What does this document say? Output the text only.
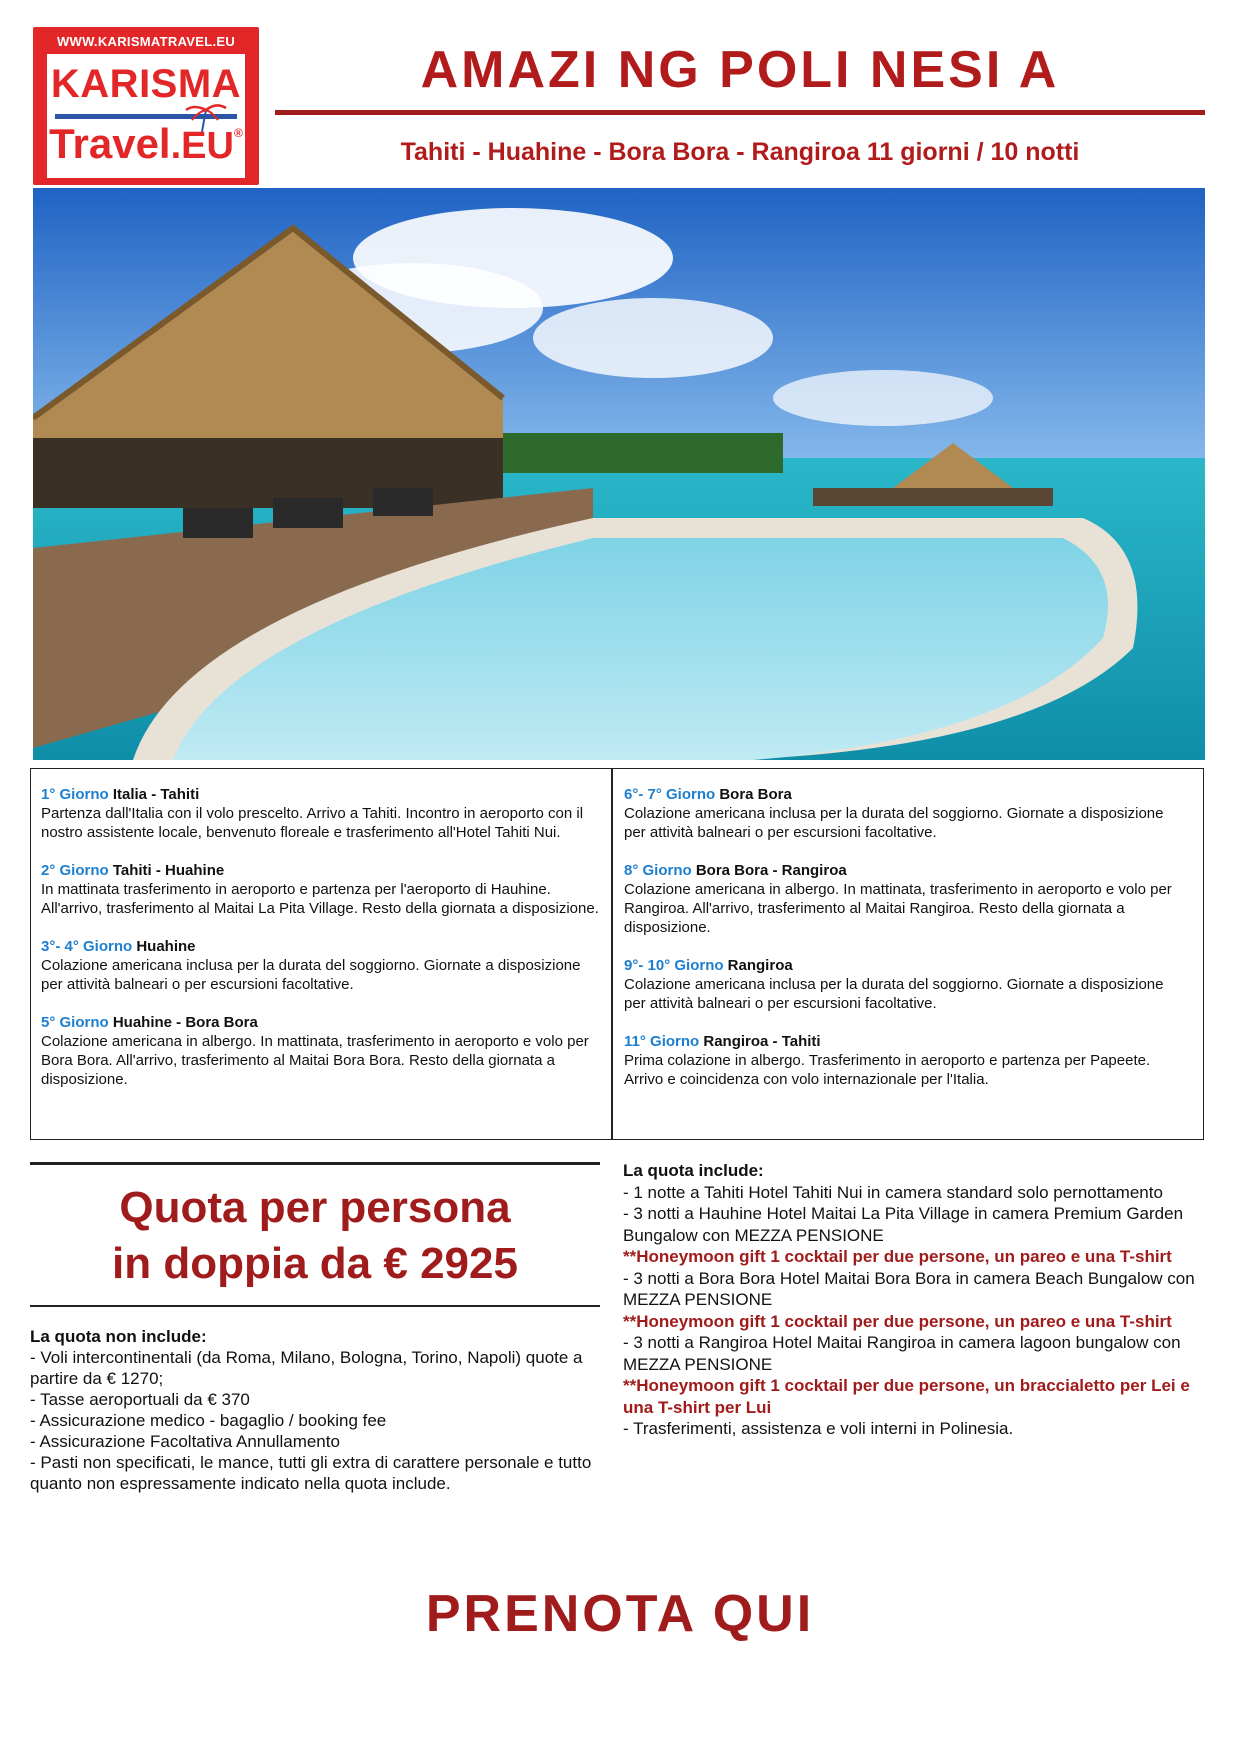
WWW.KARISMATRAVEL.EU
KARISMA
Travel.EU®
AMAZI NG POLI NESI A
Tahiti - Huahine - Bora Bora - Rangiroa 11 giorni / 10 notti
1° Giorno Italia - Tahiti

Partenza dall'Italia con il volo prescelto. Arrivo a Tahiti. Incontro in aeroporto con il nostro assistente locale, benvenuto floreale e trasferimento all'Hotel Tahiti Nui.

2° Giorno Tahiti - Huahine

In mattinata trasferimento in aeroporto e partenza per l'aeroporto di Hauhine. All'arrivo, trasferimento al Maitai La Pita Village. Resto della giornata a disposizione.

3°- 4° Giorno Huahine

Colazione americana inclusa per la durata del soggiorno. Giornate a disposizione per attività balneari o per escursioni facoltative.

5° Giorno Huahine - Bora Bora

Colazione americana in albergo. In mattinata, trasferimento in aeroporto e volo per Bora Bora. All'arrivo, trasferimento al Maitai Bora Bora. Resto della giornata a disposizione.

6°- 7° Giorno Bora Bora

Colazione americana inclusa per la durata del soggiorno. Giornate a disposizione per attività balneari o per escursioni facoltative.

8° Giorno Bora Bora - Rangiroa

Colazione americana in albergo. In mattinata, trasferimento in aeroporto e volo per Rangiroa. All'arrivo, trasferimento al Maitai Rangiroa. Resto della giornata a disposizione.

9°- 10° Giorno Rangiroa

Colazione americana inclusa per la durata del soggiorno. Giornate a disposizione per attività balneari o per escursioni facoltative.

11° Giorno Rangiroa - Tahiti

Prima colazione in albergo. Trasferimento in aeroporto e partenza per Papeete. Arrivo e coincidenza con volo internazionale per l'Italia.

Quota per persona
in doppia da € 2925

La quota non include:

- Voli intercontinentali (da Roma, Milano, Bologna, Torino, Napoli) quote a partire da € 1270;

- Tasse aeroportuali da € 370

- Assicurazione medico - bagaglio / booking fee

- Assicurazione Facoltativa Annullamento

- Pasti non specificati, le mance, tutti gli extra di carattere personale e tutto quanto non espressamente indicato nella quota include.

La quota include:

- 1 notte a Tahiti Hotel Tahiti Nui in camera standard solo pernottamento

- 3 notti a Hauhine Hotel Maitai La Pita Village in camera Premium Garden Bungalow con MEZZA PENSIONE

**Honeymoon gift 1 cocktail per due persone, un pareo e una T-shirt

- 3 notti a Bora Bora Hotel Maitai Bora Bora in camera Beach Bungalow con MEZZA PENSIONE

**Honeymoon gift 1 cocktail per due persone, un pareo e una T-shirt

- 3 notti a Rangiroa Hotel Maitai Rangiroa in camera lagoon bungalow con MEZZA PENSIONE

**Honeymoon gift 1 cocktail per due persone, un braccialetto per Lei e una T-shirt per Lui

- Trasferimenti, assistenza e voli interni in Polinesia.

PRENOTA QUI
